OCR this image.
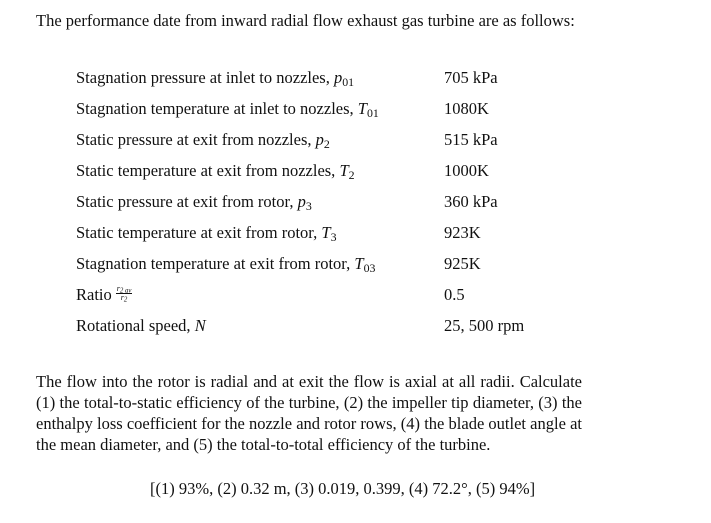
The performance date from inward radial flow exhaust gas turbine are as follows:
Stagnation pressure at inlet to nozzles, $p_{01}$	705 kPa
Stagnation temperature at inlet to nozzles, $T_{01}$	1080K
Static pressure at exit from nozzles, $p_2$	515 kPa
Static temperature at exit from nozzles, $T_2$	1000K
Static pressure at exit from rotor, $p_3$	360 kPa
Static temperature at exit from rotor, $T_3$	923K
Stagnation temperature at exit from rotor, $T_{03}$	925K
Ratio $\frac{r_{2 av}}{r_2}$	0.5
Rotational speed, N	25, 500 rpm
The flow into the rotor is radial and at exit the flow is axial at all radii. Calculate (1) the total-to-static efficiency of the turbine, (2) the impeller tip diameter, (3) the enthalpy loss coefficient for the nozzle and rotor rows, (4) the blade outlet angle at the mean diameter, and (5) the total-to-total efficiency of the turbine.
[(1) 93%, (2) 0.32 m, (3) 0.019, 0.399, (4) 72.2°, (5) 94%]
